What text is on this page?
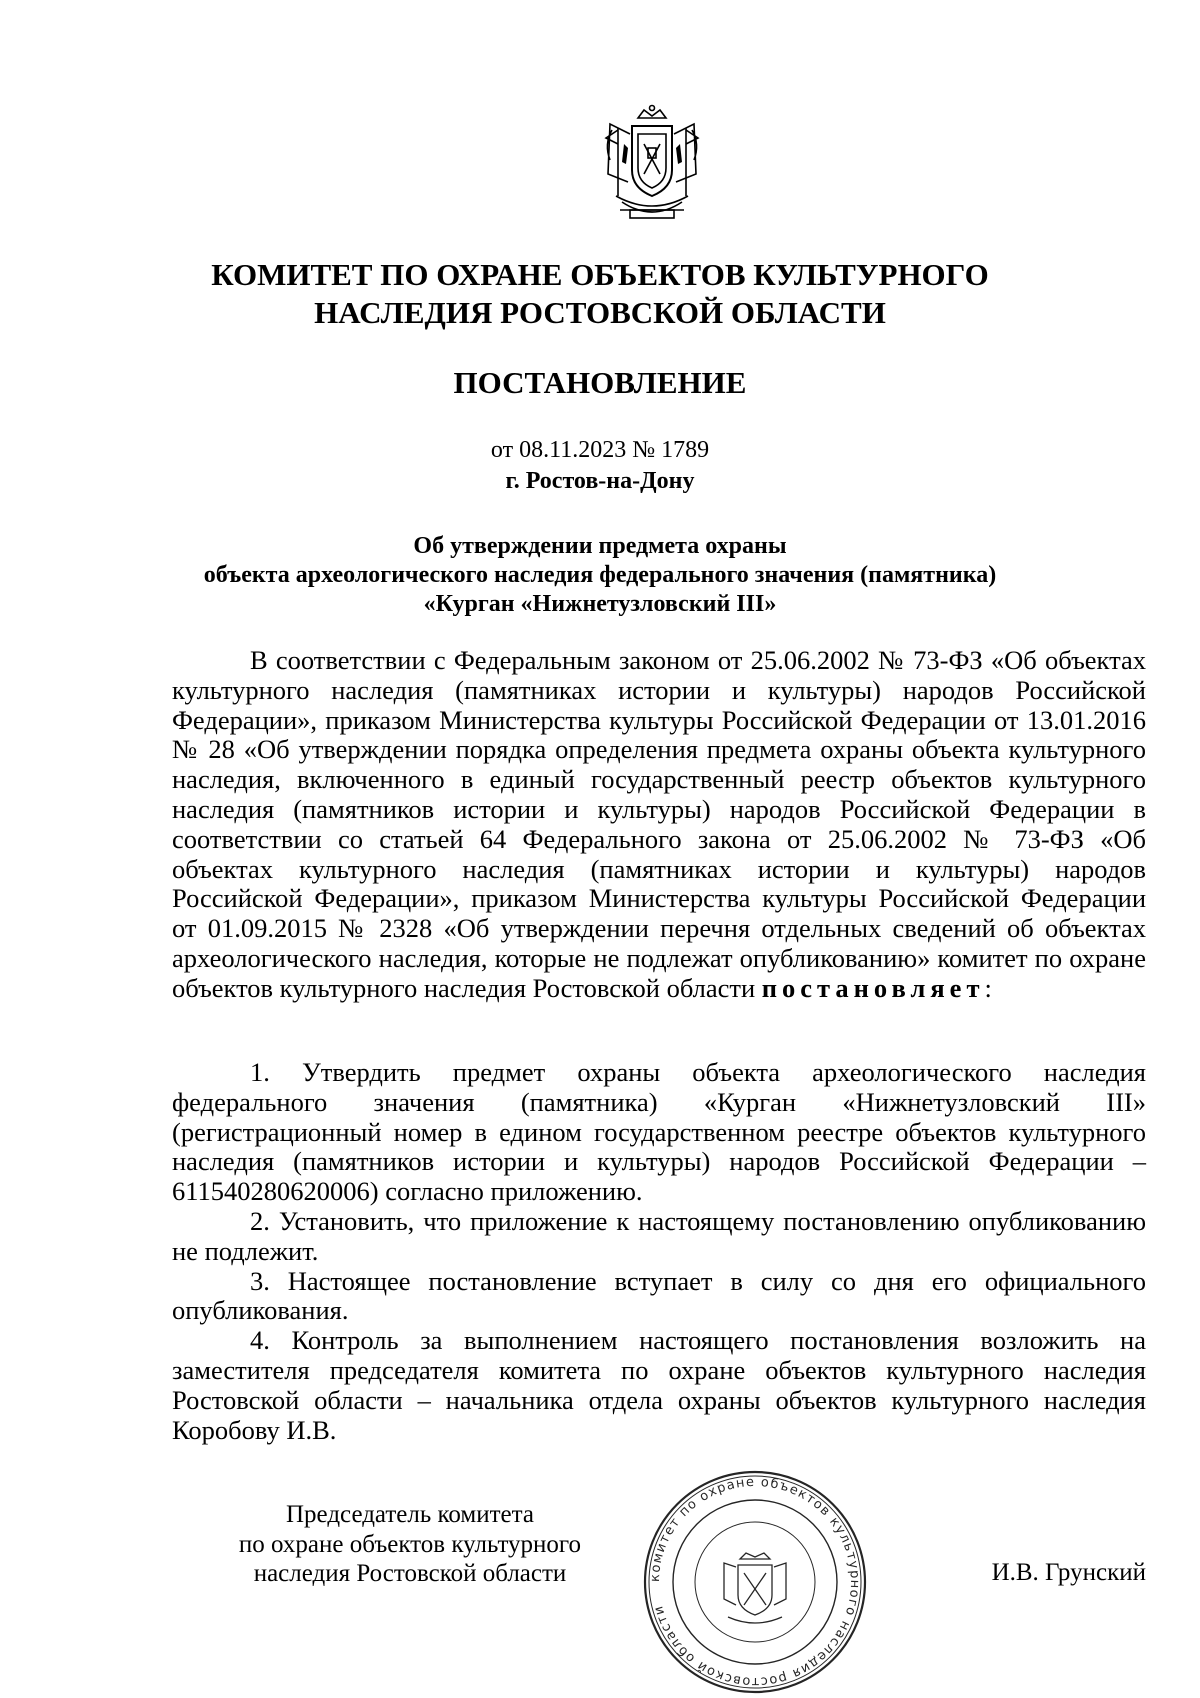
КОМИТЕТ ПО ОХРАНЕ ОБЪЕКТОВ КУЛЬТУРНОГО
НАСЛЕДИЯ РОСТОВСКОЙ ОБЛАСТИ
ПОСТАНОВЛЕНИЕ
от 08.11.2023 № 1789
г. Ростов-на-Дону
Об утверждении предмета охраны
объекта археологического наследия федерального значения (памятника)
«Курган «Нижнетузловский III»

В соответствии с Федеральным законом от 25.06.2002 № 73-ФЗ «Об объектах культурного наследия (памятниках истории и культуры) народов Российской Федерации», приказом Министерства культуры Российской Федерации от 13.01.2016 № 28 «Об утверждении порядка определения предмета охраны объекта культурного наследия, включенного в единый государственный реестр объектов культурного наследия (памятников истории и культуры) народов Российской Федерации в соответствии со статьей 64 Федерального закона от 25.06.2002 № 73-ФЗ «Об объектах культурного наследия (памятниках истории и культуры) народов Российской Федерации», приказом Министерства культуры Российской Федерации от 01.09.2015 № 2328 «Об утверждении перечня отдельных сведений об объектах археологического наследия, которые не подлежат опубликованию» комитет по охране объектов культурного наследия Ростовской области постановляет:

1. Утвердить предмет охраны объекта археологического наследия федерального значения (памятника) «Курган «Нижнетузловский III» (регистрационный номер в едином государственном реестре объектов культурного наследия (памятников истории и культуры) народов Российской Федерации – 611540280620006) согласно приложению.

2. Установить, что приложение к настоящему постановлению опубликованию не подлежит.

3. Настоящее постановление вступает в силу со дня его официального опубликования.

4. Контроль за выполнением настоящего постановления возложить на заместителя председателя комитета по охране объектов культурного наследия Ростовской области – начальника отдела охраны объектов культурного наследия Коробову И.В.

Председатель комитета
по охране объектов культурного
наследия Ростовской области	комитет по охране объектов культурного наследия ростовской области
И.В. Грунский
